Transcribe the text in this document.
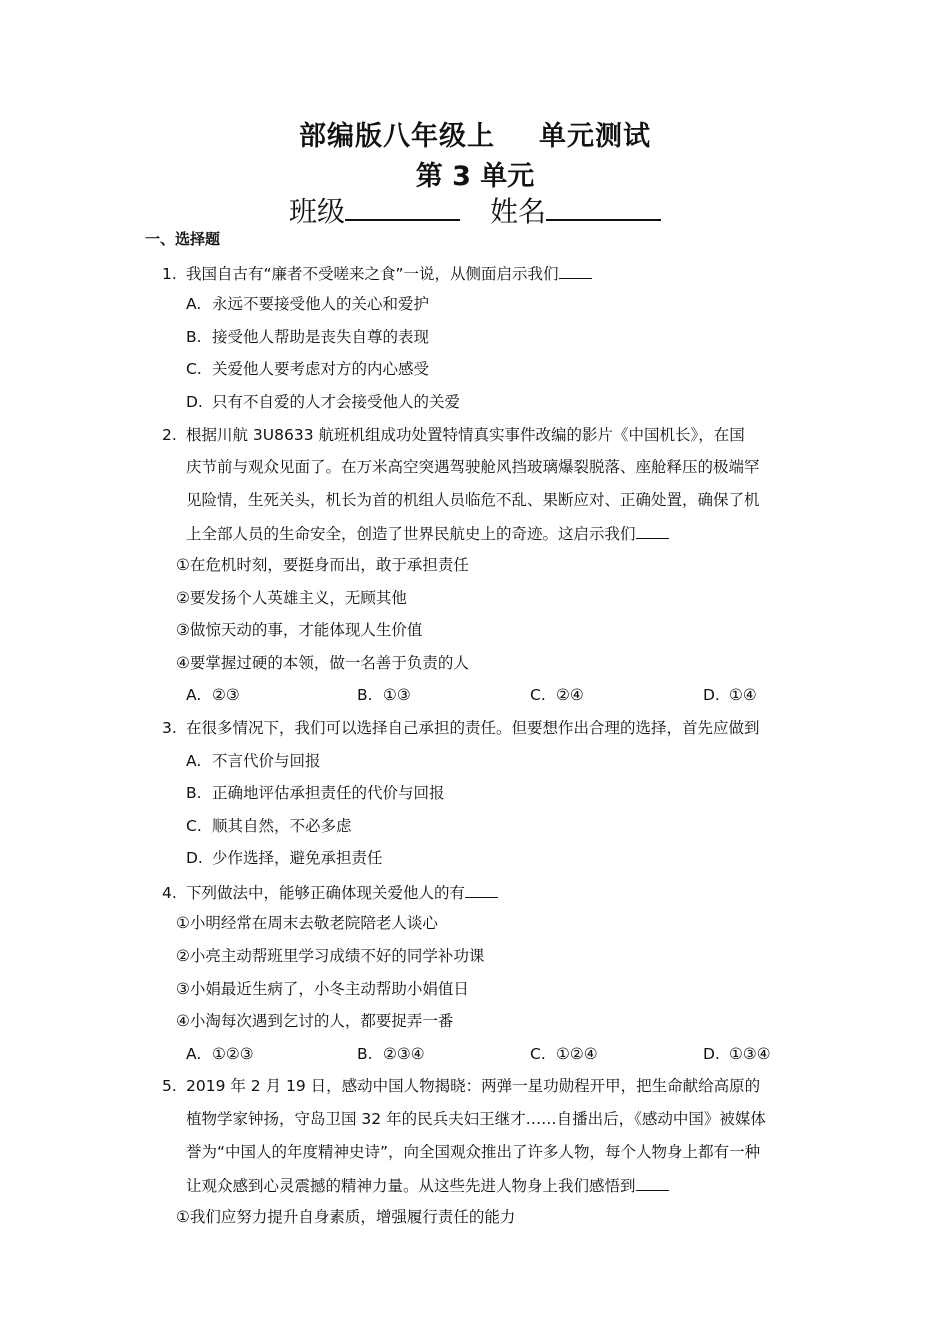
部编版八年级上 单元测试
第 3 单元
班级	姓名
一、选择题
1. 我国自古有“廉者不受嗟来之食”一说，从侧面启示我们
A. 永远不要接受他人的关心和爱护
B. 接受他人帮助是丧失自尊的表现
C. 关爱他人要考虑对方的内心感受
D. 只有不自爱的人才会接受他人的关爱
2. 根据川航 3U8633 航班机组成功处置特情真实事件改编的影片《中国机长》，在国
庆节前与观众见面了。在万米高空突遇驾驶舱风挡玻璃爆裂脱落、座舱释压的极端罕
见险情，生死关头，机长为首的机组人员临危不乱、果断应对、正确处置，确保了机
上全部人员的生命安全，创造了世界民航史上的奇迹。这启示我们
①在危机时刻，要挺身而出，敢于承担责任
②要发扬个人英雄主义，无顾其他
③做惊天动的事，才能体现人生价值
④要掌握过硬的本领，做一名善于负责的人
A. ②③	B. ①③	C. ②④	D. ①④
3. 在很多情况下，我们可以选择自己承担的责任。但要想作出合理的选择，首先应做到
A. 不言代价与回报
B. 正确地评估承担责任的代价与回报
C. 顺其自然，不必多虑
D. 少作选择，避免承担责任
4. 下列做法中，能够正确体现关爱他人的有
①小明经常在周末去敬老院陪老人谈心
②小亮主动帮班里学习成绩不好的同学补功课
③小娟最近生病了，小冬主动帮助小娟值日
④小淘每次遇到乞讨的人，都要捉弄一番
A. ①②③	B. ②③④	C. ①②④	D. ①③④
5. 2019 年 2 月 19 日，感动中国人物揭晓：两弹一星功勋程开甲，把生命献给高原的
植物学家钟扬，守岛卫国 32 年的民兵夫妇王继才……自播出后，《感动中国》被媒体
誉为“中国人的年度精神史诗”，向全国观众推出了许多人物，每个人物身上都有一种
让观众感到心灵震撼的精神力量。从这些先进人物身上我们感悟到
①我们应努力提升自身素质，增强履行责任的能力
